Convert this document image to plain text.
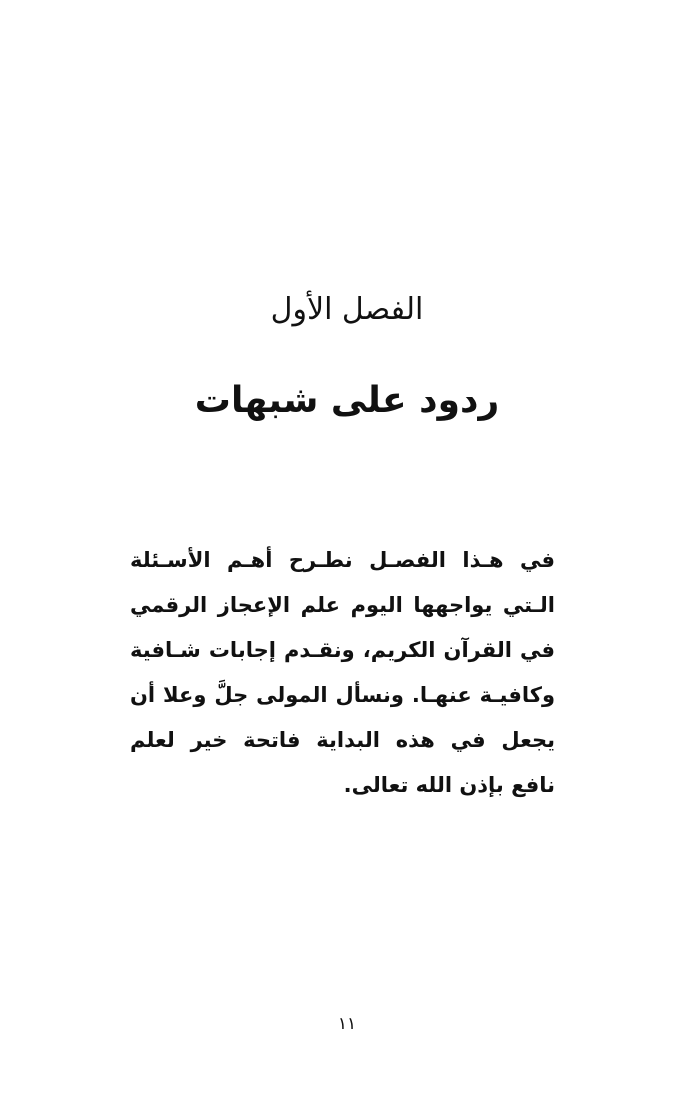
الفصل الأول
ردود على شبهات
في هـذا الفصـل نطـرح أهـم الأسـئلة الـتي يواجهها اليوم علم الإعجاز الرقمي في القرآن الكريم، ونقـدم إجابات شـافية وكافيـة عنهـا. ونسأل المولى جلَّ وعلا أن يجعل في هذه البداية فاتحة خير لعلم نافع بإذن الله تعالى.
١١
